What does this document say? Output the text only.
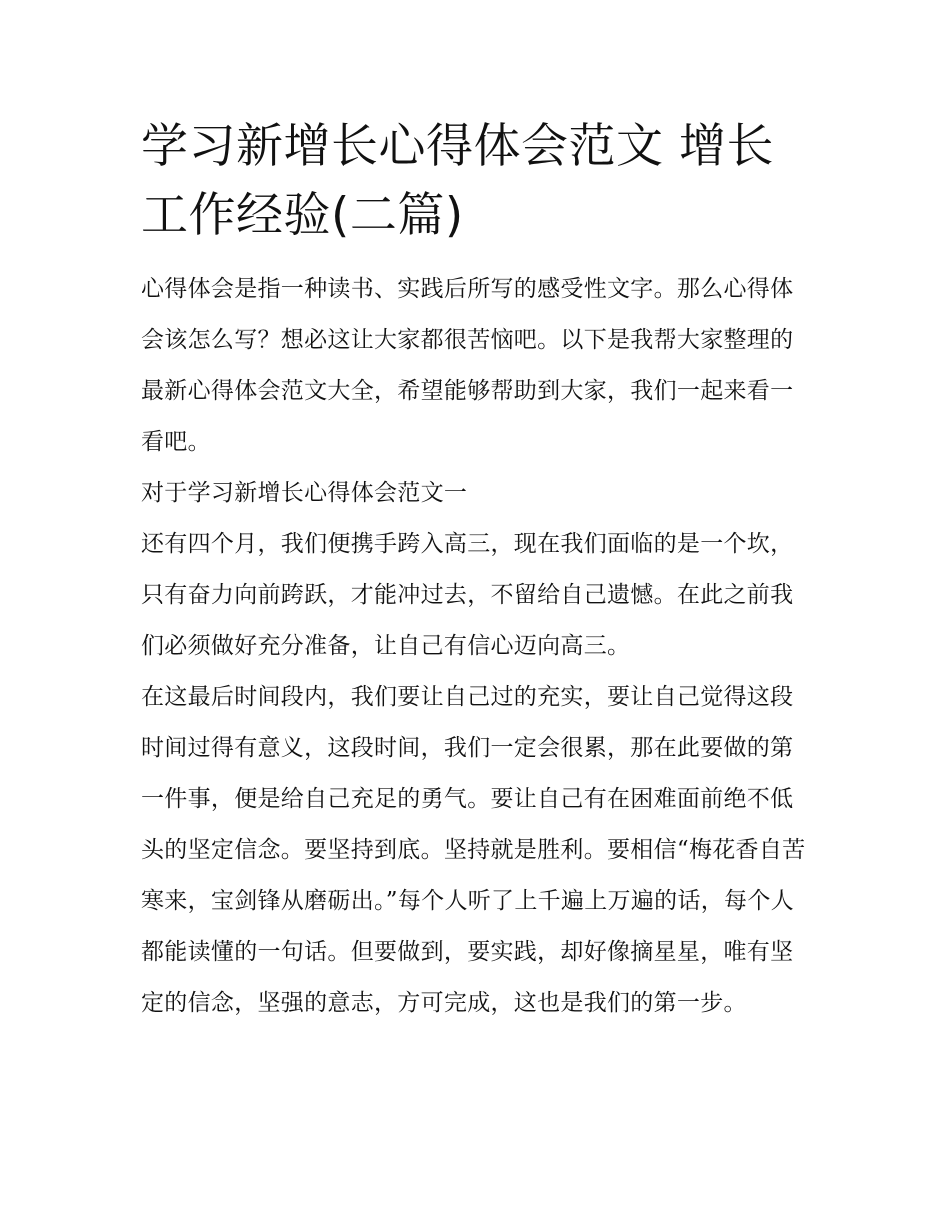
学习新增长心得体会范文 增长工作经验(二篇)

心得体会是指一种读书、实践后所写的感受性文字。那么心得体会该怎么写？想必这让大家都很苦恼吧。以下是我帮大家整理的最新心得体会范文大全，希望能够帮助到大家，我们一起来看一看吧。

对于学习新增长心得体会范文一

还有四个月，我们便携手跨入高三，现在我们面临的是一个坎，只有奋力向前跨跃，才能冲过去，不留给自己遗憾。在此之前我们必须做好充分准备，让自己有信心迈向高三。

在这最后时间段内，我们要让自己过的充实，要让自己觉得这段时间过得有意义，这段时间，我们一定会很累，那在此要做的第一件事，便是给自己充足的勇气。要让自己有在困难面前绝不低头的坚定信念。要坚持到底。坚持就是胜利。要相信“梅花香自苦寒来，宝剑锋从磨砺出。”每个人听了上千遍上万遍的话，每个人都能读懂的一句话。但要做到，要实践，却好像摘星星，唯有坚定的信念，坚强的意志，方可完成，这也是我们的第一步。
